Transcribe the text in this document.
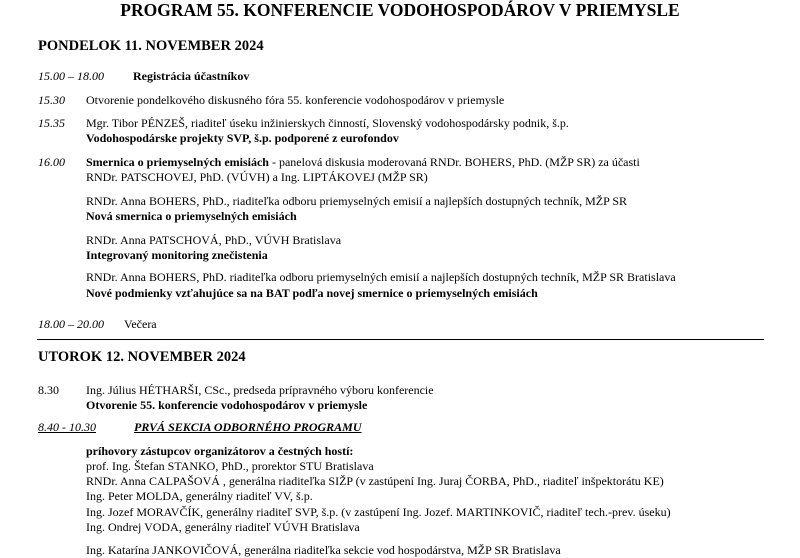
PROGRAM 55. KONFERENCIE VODOHOSPODÁROV V PRIEMYSLE
PONDELOK 11. NOVEMBER 2024
15.00 – 18.00 Registrácia účastníkov
15.30 Otvorenie pondelkového diskusného fóra 55. konferencie vodohospodárov v priemysle
15.35 Mgr. Tibor PÉNZEŠ, riaditeľ úseku inžinierskych činností, Slovenský vodohospodársky podnik, š.p.
Vodohospodárske projekty SVP, š.p. podporené z eurofondov
16.00 Smernica o priemyselných emisiách - panelová diskusia moderovaná RNDr. BOHERS, PhD. (MŽP SR) za účasti
RNDr. PATSCHOVEJ, PhD. (VÚVH) a Ing. LIPTÁKOVEJ (MŽP SR)
RNDr. Anna BOHERS, PhD., riaditeľka odboru priemyselných emisií a najlepších dostupných techník, MŽP SR
Nová smernica o priemyselných emisiách
RNDr. Anna PATSCHOVÁ, PhD., VÚVH Bratislava
Integrovaný monitoring znečistenia
RNDr. Anna BOHERS, PhD. riaditeľka odboru priemyselných emisií a najlepších dostupných techník, MŽP SR Bratislava
Nové podmienky vzťahujúce sa na BAT podľa novej smernice o priemyselných emisiách
18.00 – 20.00 Večera
UTOROK 12. NOVEMBER 2024
8.30 Ing. Július HÉTHARŠI, CSc., predseda prípravného výboru konferencie
Otvorenie 55. konferencie vodohospodárov v priemysle
8.40 - 10.30	PRVÁ SEKCIA ODBORNÉHO PROGRAMU
príhovory zástupcov organizátorov a čestných hostí:
prof. Ing. Štefan STANKO, PhD., prorektor STU Bratislava
RNDr. Anna CALPAŠOVÁ , generálna riaditeľka SIŽP (v zastúpení Ing. Juraj ČORBA, PhD., riaditeľ inšpektorátu KE)
Ing. Peter MOLDA, generálny riaditeľ VV, š.p.
Ing. Jozef MORAVČÍK, generálny riaditeľ SVP, š.p. (v zastúpení Ing. Jozef. MARTINKOVIČ, riaditeľ tech.-prev. úseku)
Ing. Ondrej VODA, generálny riaditeľ VÚVH Bratislava
Ing. Katarína JANKOVIČOVÁ, generálna riaditeľka sekcie vod hospodárstva, MŽP SR Bratislava
